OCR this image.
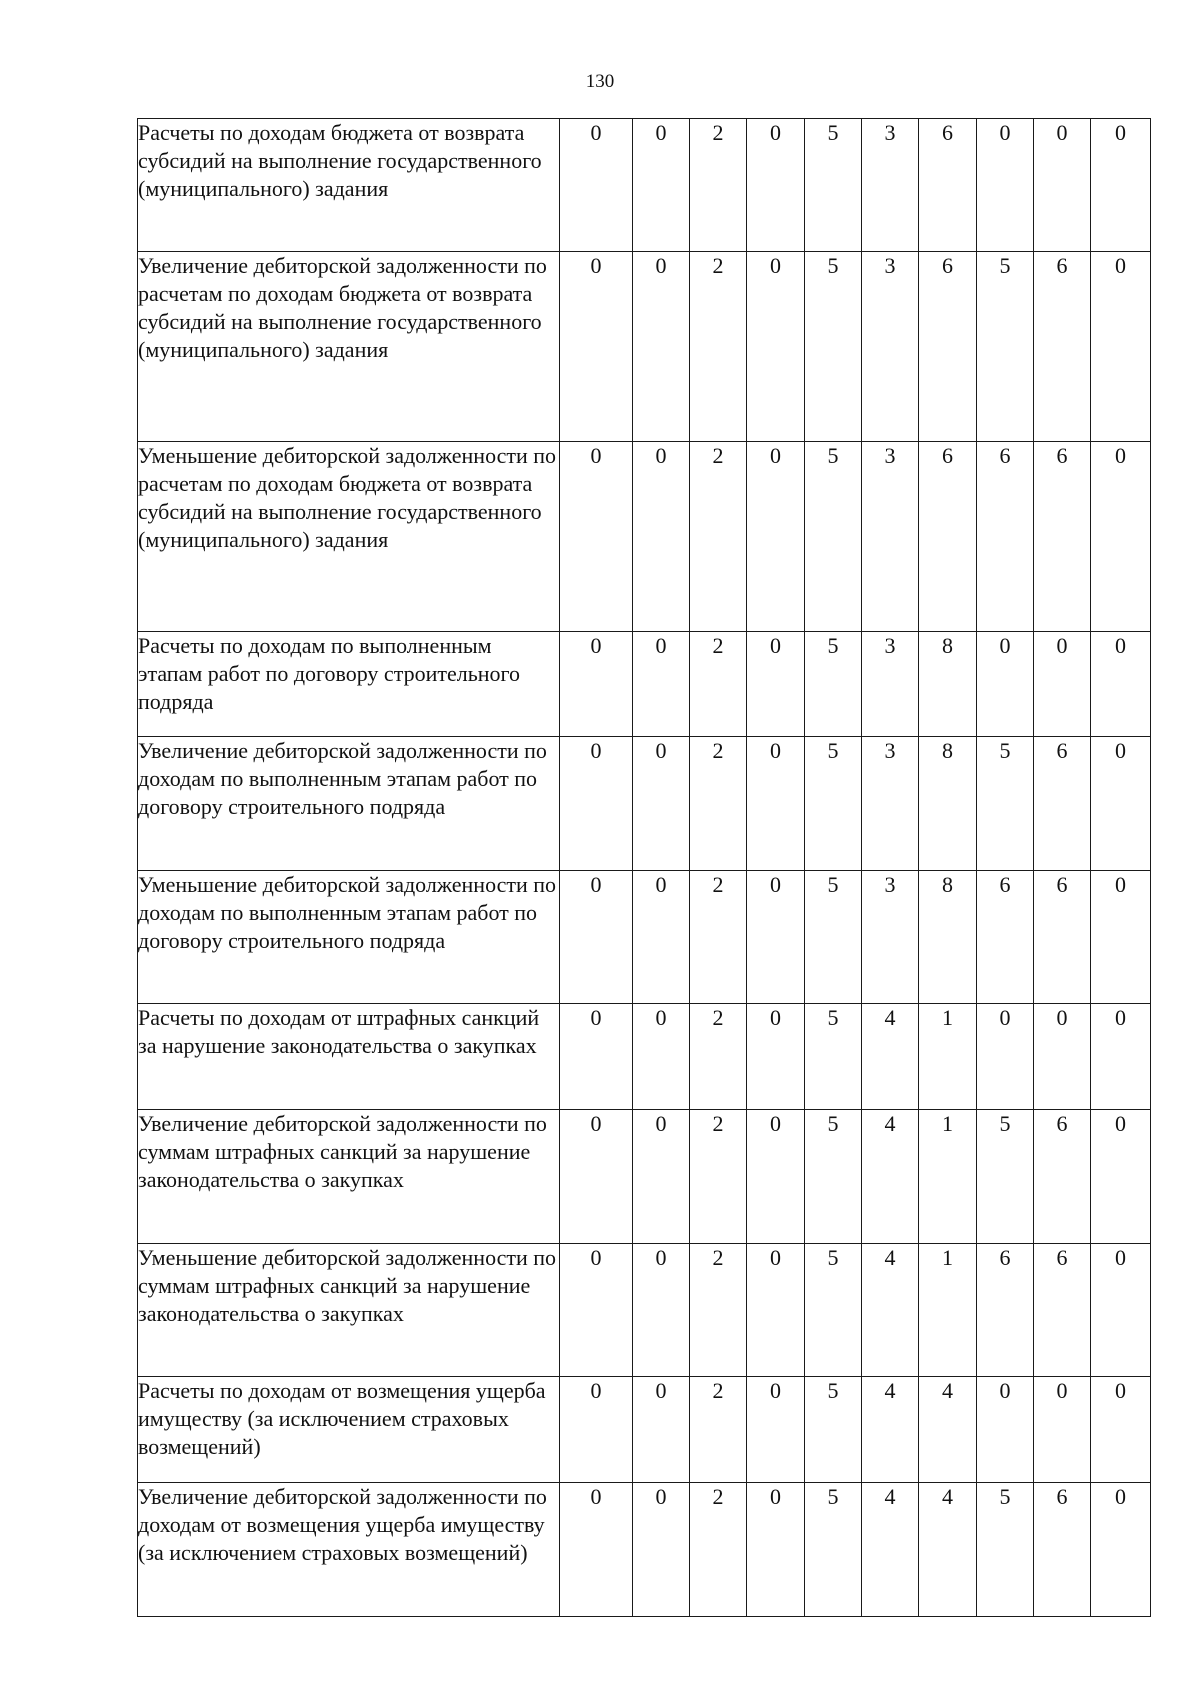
130
Расчеты по доходам бюджета от возврата субсидий на выполнение государственного (муниципального) задания	0	0	2	0	5	3	6	0	0	0
Увеличение дебиторской задолженности по расчетам по доходам бюджета от возврата субсидий на выполнение государственного (муниципального) задания	0	0	2	0	5	3	6	5	6	0
Уменьшение дебиторской задолженности по расчетам по доходам бюджета от возврата субсидий на выполнение государственного (муниципального) задания	0	0	2	0	5	3	6	6	6	0
Расчеты по доходам по выполненным этапам работ по договору строительного подряда	0	0	2	0	5	3	8	0	0	0
Увеличение дебиторской задолженности по доходам по выполненным этапам работ по договору строительного подряда	0	0	2	0	5	3	8	5	6	0
Уменьшение дебиторской задолженности по доходам по выполненным этапам работ по договору строительного подряда	0	0	2	0	5	3	8	6	6	0
Расчеты по доходам от штрафных санкций за нарушение законодательства о закупках	0	0	2	0	5	4	1	0	0	0
Увеличение дебиторской задолженности по суммам штрафных санкций за нарушение законодательства о закупках	0	0	2	0	5	4	1	5	6	0
Уменьшение дебиторской задолженности по суммам штрафных санкций за нарушение законодательства о закупках	0	0	2	0	5	4	1	6	6	0
Расчеты по доходам от возмещения ущерба имуществу (за исключением страховых возмещений)	0	0	2	0	5	4	4	0	0	0
Увеличение дебиторской задолженности по доходам от возмещения ущерба имуществу (за исключением страховых возмещений)	0	0	2	0	5	4	4	5	6	0
